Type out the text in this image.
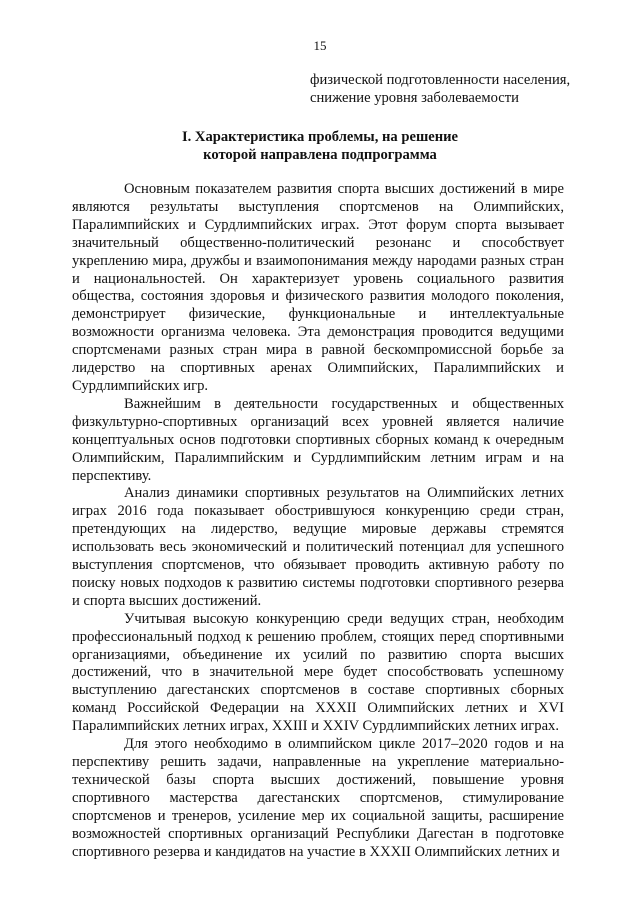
15
физической подготовленности населения,
снижение уровня заболеваемости
I. Характеристика проблемы, на решение
которой направлена подпрограмма

Основным показателем развития спорта высших достижений в мире являются результаты выступления спортсменов на Олимпийских, Паралимпийских и Сурдлимпийских играх. Этот форум спорта вызывает значительный общественно-политический резонанс и способствует укреплению мира, дружбы и взаимопонимания между народами разных стран и национальностей. Он характеризует уровень социального развития общества, состояния здоровья и физического развития молодого поколения, демонстрирует физические, функциональные и интеллектуальные возможности организма человека. Эта демонстрация проводится ведущими спортсменами разных стран мира в равной бескомпромиссной борьбе за лидерство на спортивных аренах Олимпийских, Паралимпийских и Сурдлимпийских игр.

Важнейшим в деятельности государственных и общественных физкультурно-спортивных организаций всех уровней является наличие концептуальных основ подготовки спортивных сборных команд к очередным Олимпийским, Паралимпийским и Сурдлимпийским летним играм и на перспективу.

Анализ динамики спортивных результатов на Олимпийских летних играх 2016 года показывает обострившуюся конкуренцию среди стран, претендующих на лидерство, ведущие мировые державы стремятся использовать весь экономический и политический потенциал для успешного выступления спортсменов, что обязывает проводить активную работу по поиску новых подходов к развитию системы подготовки спортивного резерва и спорта высших достижений.

Учитывая высокую конкуренцию среди ведущих стран, необходим профессиональный подход к решению проблем, стоящих перед спортивными организациями, объединение их усилий по развитию спорта высших достижений, что в значительной мере будет способствовать успешному выступлению дагестанских спортсменов в составе спортивных сборных команд Российской Федерации на XXXII Олимпийских летних и XVI Паралимпийских летних играх, XXIII и XXIV Сурдлимпийских летних играх.

Для этого необходимо в олимпийском цикле 2017–2020 годов и на перспективу решить задачи, направленные на укрепление материально-технической базы спорта высших достижений, повышение уровня спортивного мастерства дагестанских спортсменов, стимулирование спортсменов и тренеров, усиление мер их социальной защиты, расширение возможностей спортивных организаций Республики Дагестан в подготовке спортивного резерва и кандидатов на участие в XXXII Олимпийских летних и
